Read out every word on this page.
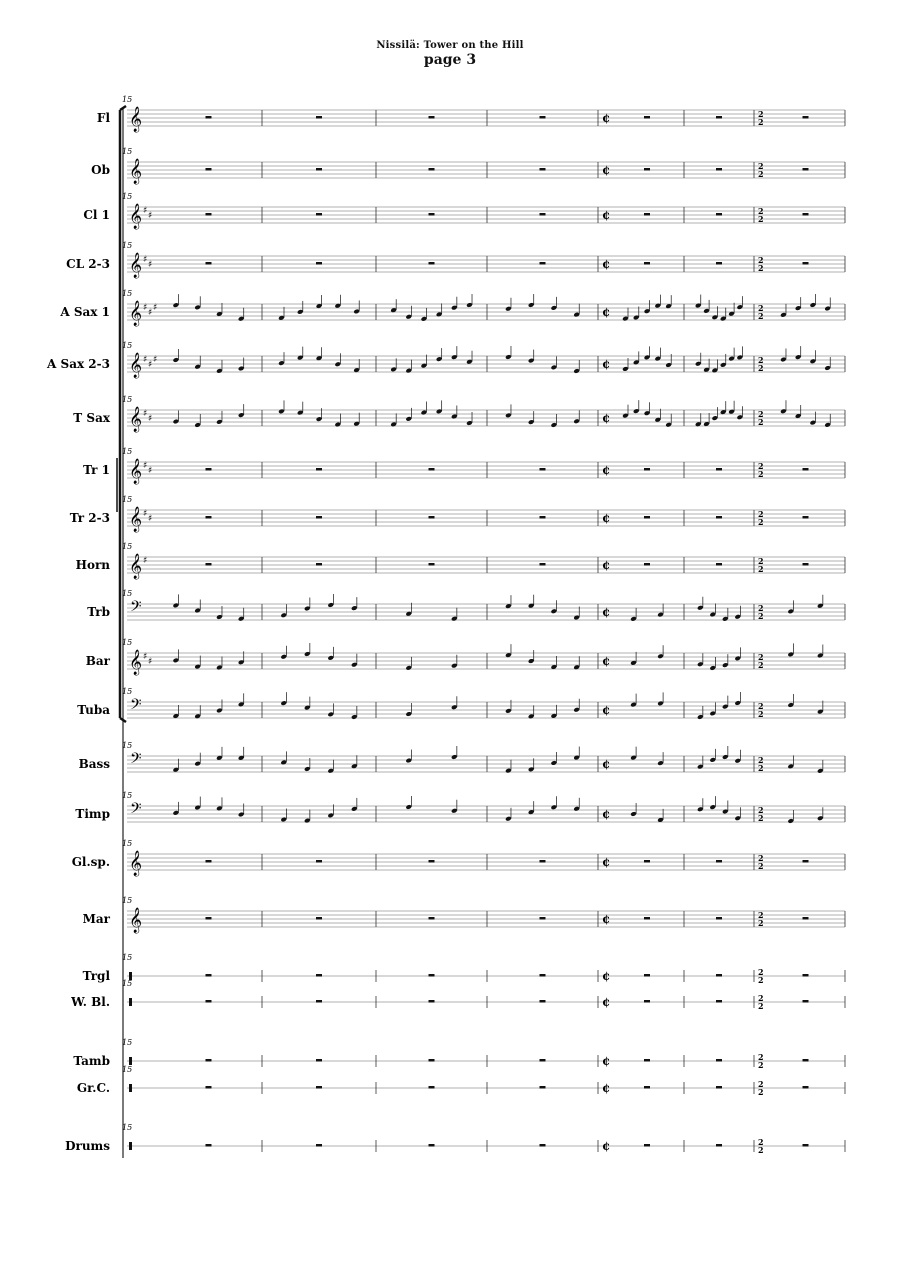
Nissilä: Tower on the Hill
page 3
Fl
15
𝄞	¢	2
2
Ob
15
𝄞	¢	2
2
Cl 1
15
𝄞 ♯ ♯	¢	2
2
CL 2-3
15
𝄞 ♯ ♯	¢	2
2
A Sax 1
15
𝄞 ♯ ♯ ♯	¢	2
2
A Sax 2-3
15
𝄞 ♯ ♯ ♯	¢	2
2
T Sax
15
𝄞 ♯ ♯	¢	2
2
Tr 1
15
𝄞 ♯ ♯	¢	2
2
Tr 2-3
15
𝄞 ♯ ♯	¢	2
2
Horn
15
𝄞 ♯	¢	2
2
Trb
15
𝄢	¢	2
2
Bar
15
𝄞 ♯ ♯	¢	2
2
Tuba
15
𝄢	¢	2
2
Bass
15
𝄢	¢	2
2
Timp
15
𝄢	¢	2
2
Gl.sp.
15
𝄞	¢	2
2
Mar
15
𝄞	¢	2
2
Trgl
15
¢	2
2
W. Bl.
15
¢	2
2
Tamb
15
¢	2
2
Gr.C.
15
¢	2
2
Drums
15
¢	2
2
